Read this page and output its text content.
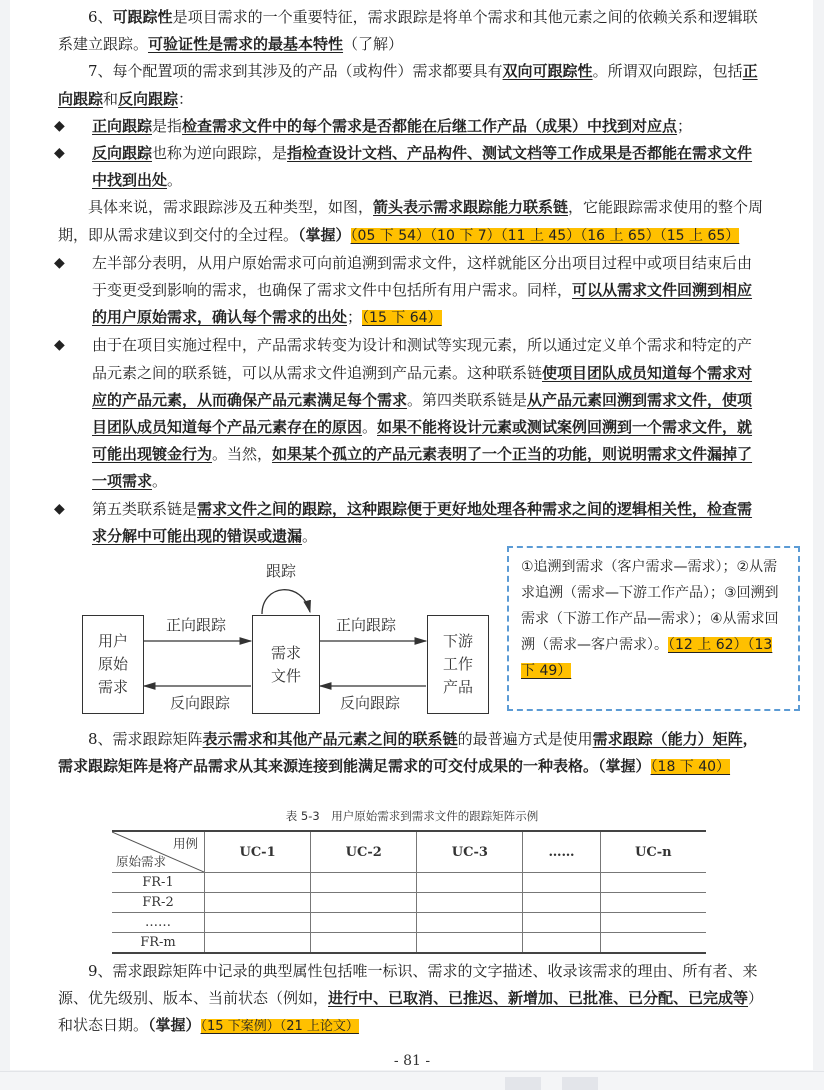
6、可跟踪性是项目需求的一个重要特征，需求跟踪是将单个需求和其他元素之间的依赖关系和逻辑联系建立跟踪。可验证性是需求的最基本特性（了解）

7、每个配置项的需求到其涉及的产品（或构件）需求都要具有双向可跟踪性。所谓双向跟踪，包括正向跟踪和反向跟踪：

◆ 正向跟踪是指检查需求文件中的每个需求是否都能在后继工作产品（成果）中找到对应点；

◆ 反向跟踪也称为逆向跟踪，是指检查设计文档、产品构件、测试文档等工作成果是否都能在需求文件中找到出处。

具体来说，需求跟踪涉及五种类型，如图，箭头表示需求跟踪能力联系链，它能跟踪需求使用的整个周期，即从需求建议到交付的全过程。（掌握）（05 下 54）（10 下 7）（11 上 45）（16 上 65）（15 上 65）

◆ 左半部分表明，从用户原始需求可向前追溯到需求文件，这样就能区分出项目过程中或项目结束后由于变更受到影响的需求，也确保了需求文件中包括所有用户需求。同样，可以从需求文件回溯到相应的用户原始需求，确认每个需求的出处；（15 下 64）

◆ 由于在项目实施过程中，产品需求转变为设计和测试等实现元素，所以通过定义单个需求和特定的产品元素之间的联系链，可以从需求文件追溯到产品元素。这种联系链使项目团队成员知道每个需求对应的产品元素，从而确保产品元素满足每个需求。第四类联系链是从产品元素回溯到需求文件，使项目团队成员知道每个产品元素存在的原因。如果不能将设计元素或测试案例回溯到一个需求文件，就可能出现镀金行为。当然，如果某个孤立的产品元素表明了一个正当的功能，则说明需求文件漏掉了一项需求。

◆ 第五类联系链是需求文件之间的跟踪，这种跟踪便于更好地处理各种需求之间的逻辑相关性，检查需求分解中可能出现的错误或遗漏。

用户
原始
需求
需求
文件
下游
工作
产品
跟踪
正向跟踪
反向跟踪
正向跟踪
反向跟踪
①追溯到需求（客户需求—需求）；②从需求追溯（需求—下游工作产品）；③回溯到需求（下游工作产品—需求）；④从需求回溯（需求—客户需求）。（12 上 62）（13 下 49）

8、需求跟踪矩阵表示需求和其他产品元素之间的联系链的最普遍方式是使用需求跟踪（能力）矩阵，需求跟踪矩阵是将产品需求从其来源连接到能满足需求的可交付成果的一种表格。（掌握）（18 下 40）

表 5-3　用户原始需求到需求文件的跟踪矩阵示例
用例
原始需求	UC-1	UC-2	UC-3	……	UC-n
FR-1					
FR-2					
……					
FR-m					

9、需求跟踪矩阵中记录的典型属性包括唯一标识、需求的文字描述、收录该需求的理由、所有者、来源、优先级别、版本、当前状态（例如，进行中、已取消、已推迟、新增加、已批准、已分配、已完成等）和状态日期。（掌握）（15 下案例）（21 上论文）

- 81 -
